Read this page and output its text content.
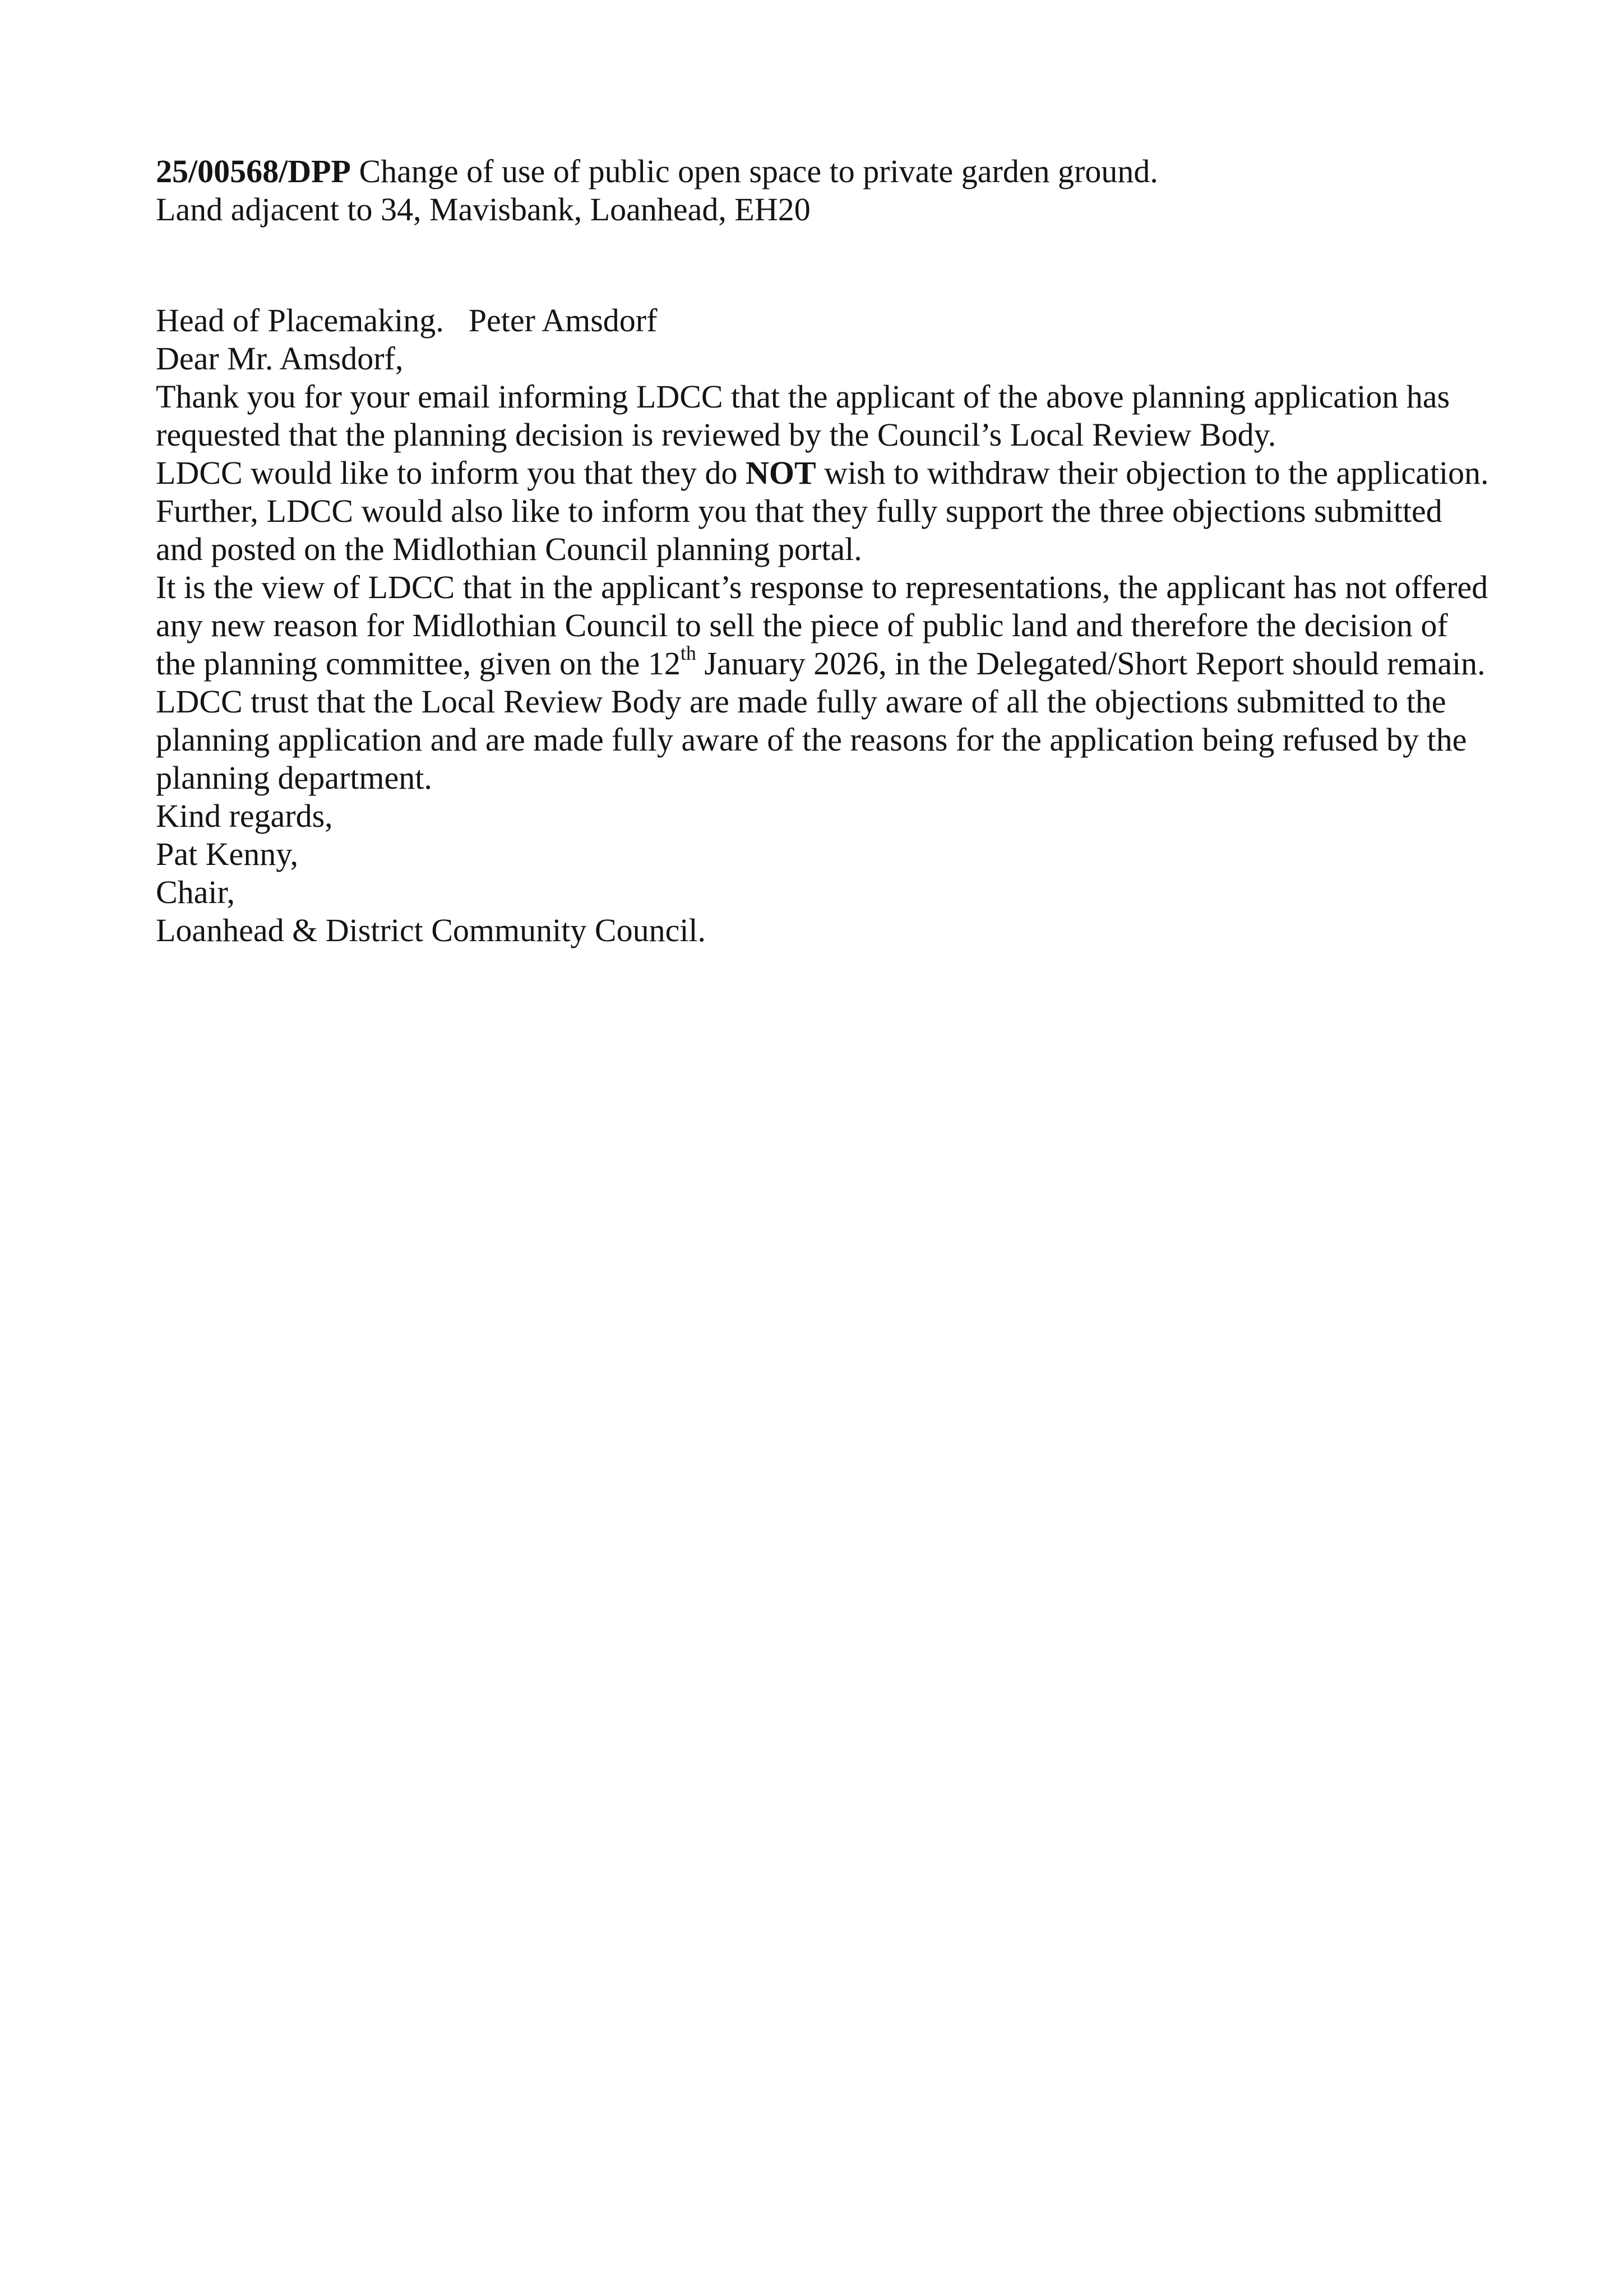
25/00568/DPP Change of use of public open space to private garden ground.

Land adjacent to 34, Mavisbank, Loanhead, EH20

Head of Placemaking. Peter Amsdorf

Dear Mr. Amsdorf,

Thank you for your email informing LDCC that the applicant of the above planning application has requested that the planning decision is reviewed by the Council’s Local Review Body.

LDCC would like to inform you that they do NOT wish to withdraw their objection to the application.

Further, LDCC would also like to inform you that they fully support the three objections submitted and posted on the Midlothian Council planning portal.

It is the view of LDCC that in the applicant’s response to representations, the applicant has not offered any new reason for Midlothian Council to sell the piece of public land and therefore the decision of the planning committee, given on the 12th January 2026, in the Delegated/Short Report should remain.

LDCC trust that the Local Review Body are made fully aware of all the objections submitted to the planning application and are made fully aware of the reasons for the application being refused by the planning department.

Kind regards,

Pat Kenny,

Chair,

Loanhead & District Community Council.
